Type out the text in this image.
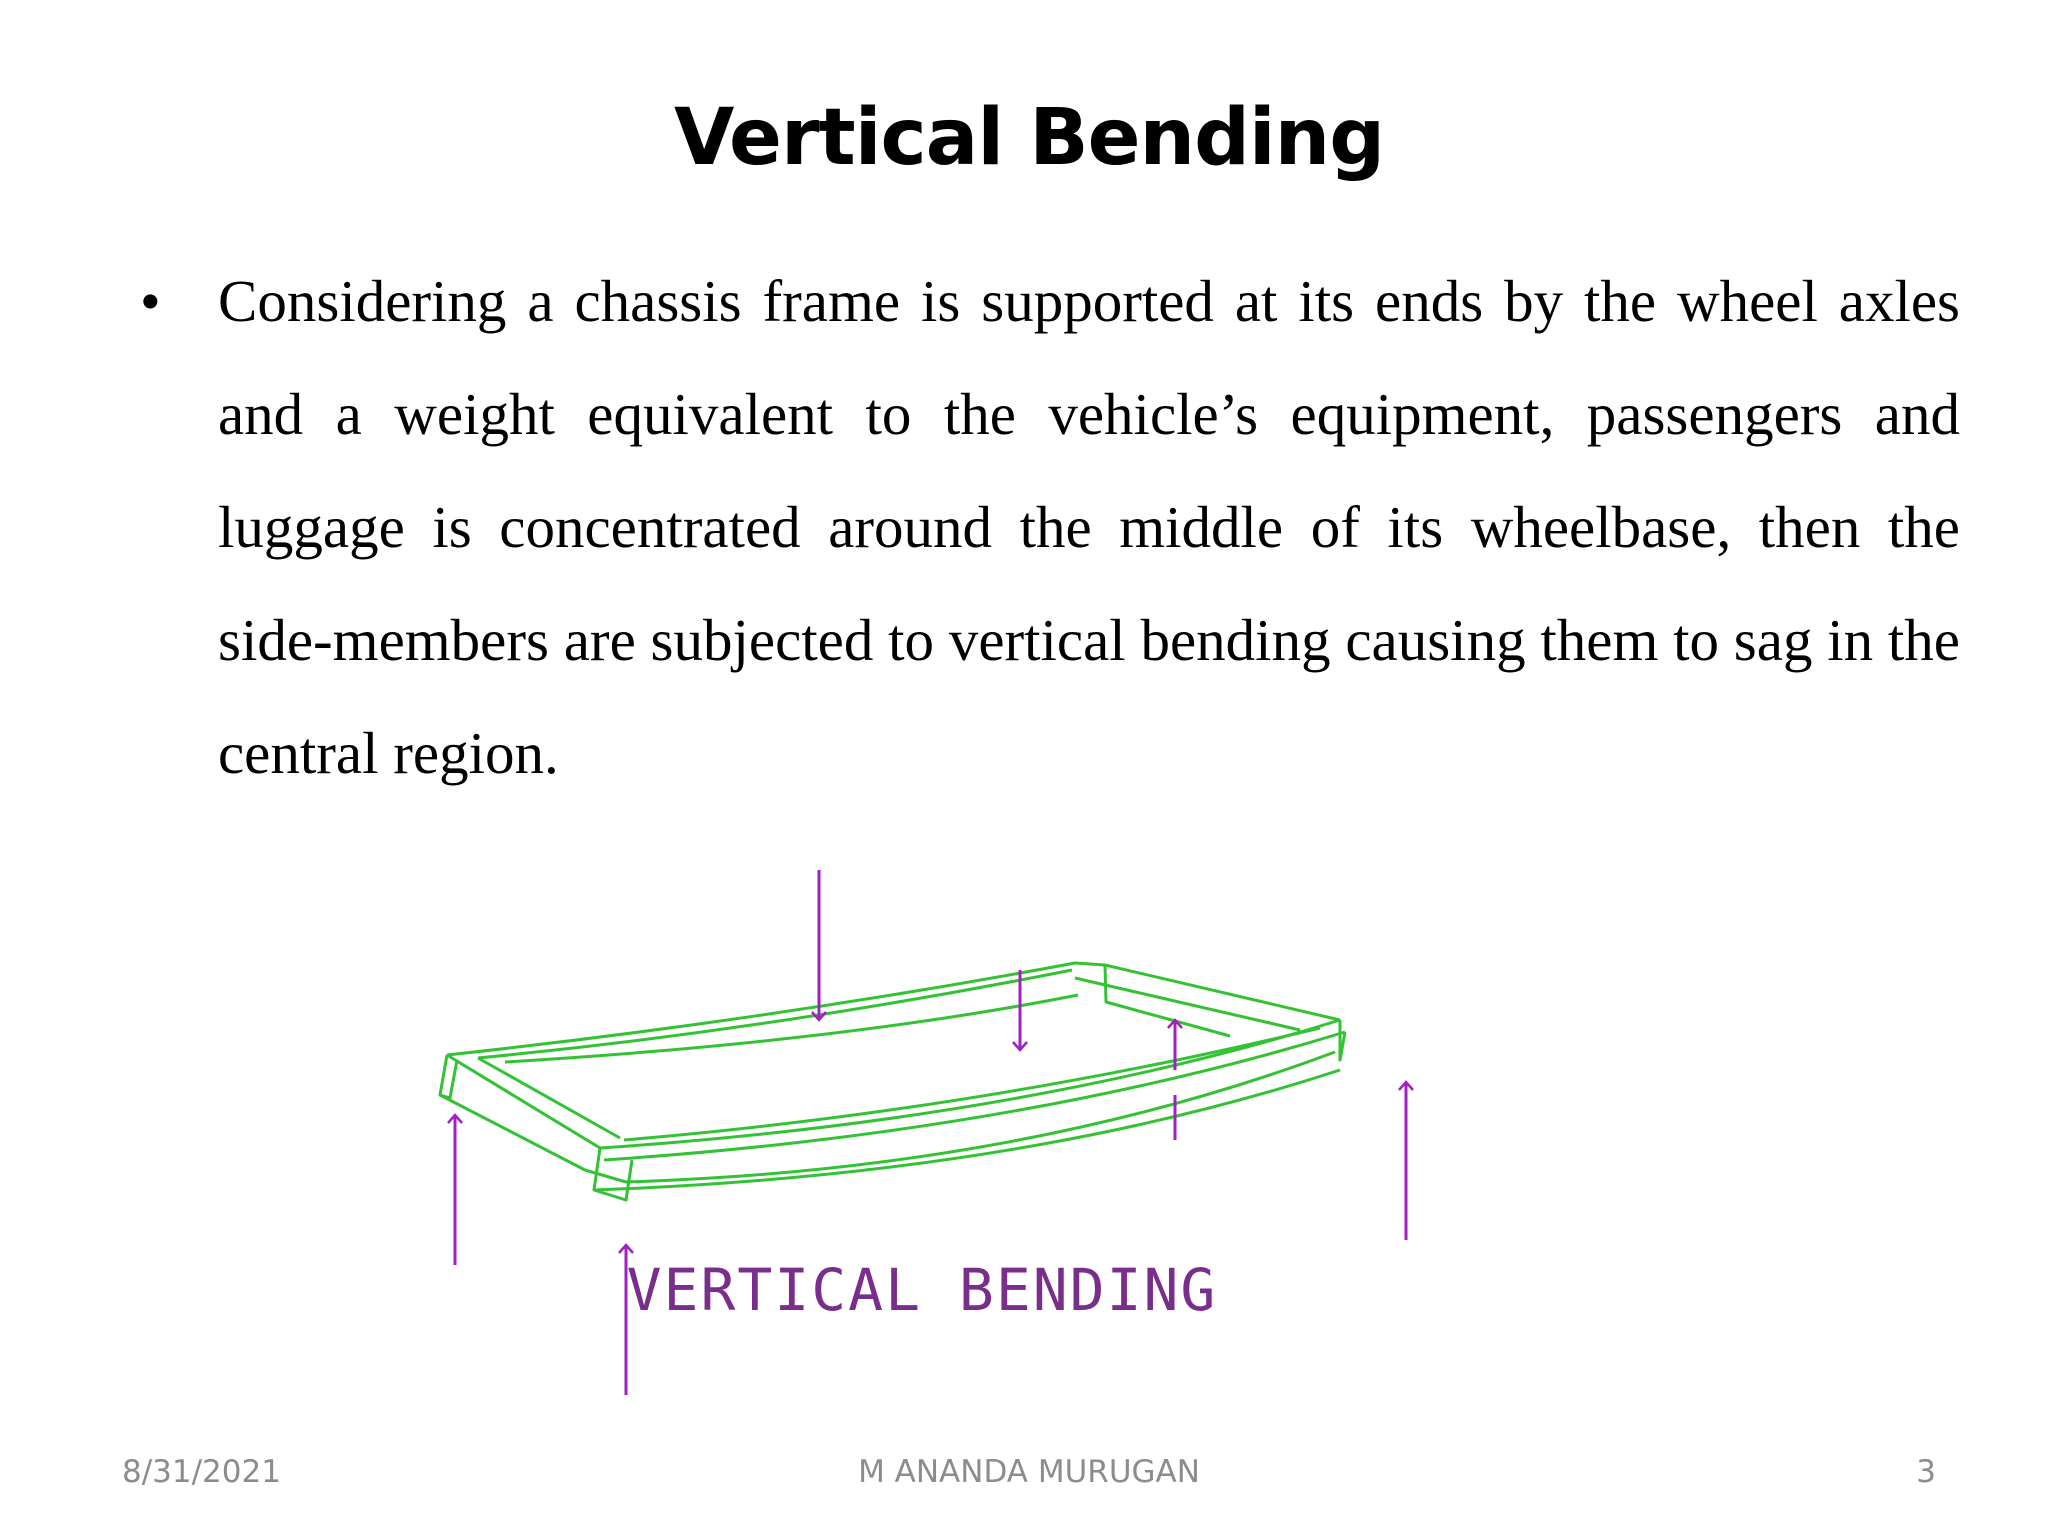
Vertical Bending
• Considering a chassis frame is supported at its ends by the wheel axles and a weight equivalent to the vehicle’s equipment, passengers and luggage is concentrated around the middle of its wheelbase, then the side-members are subjected to vertical bending causing them to sag in the central region.
VERTICAL BENDING
8/31/2021	M ANANDA MURUGAN	3
